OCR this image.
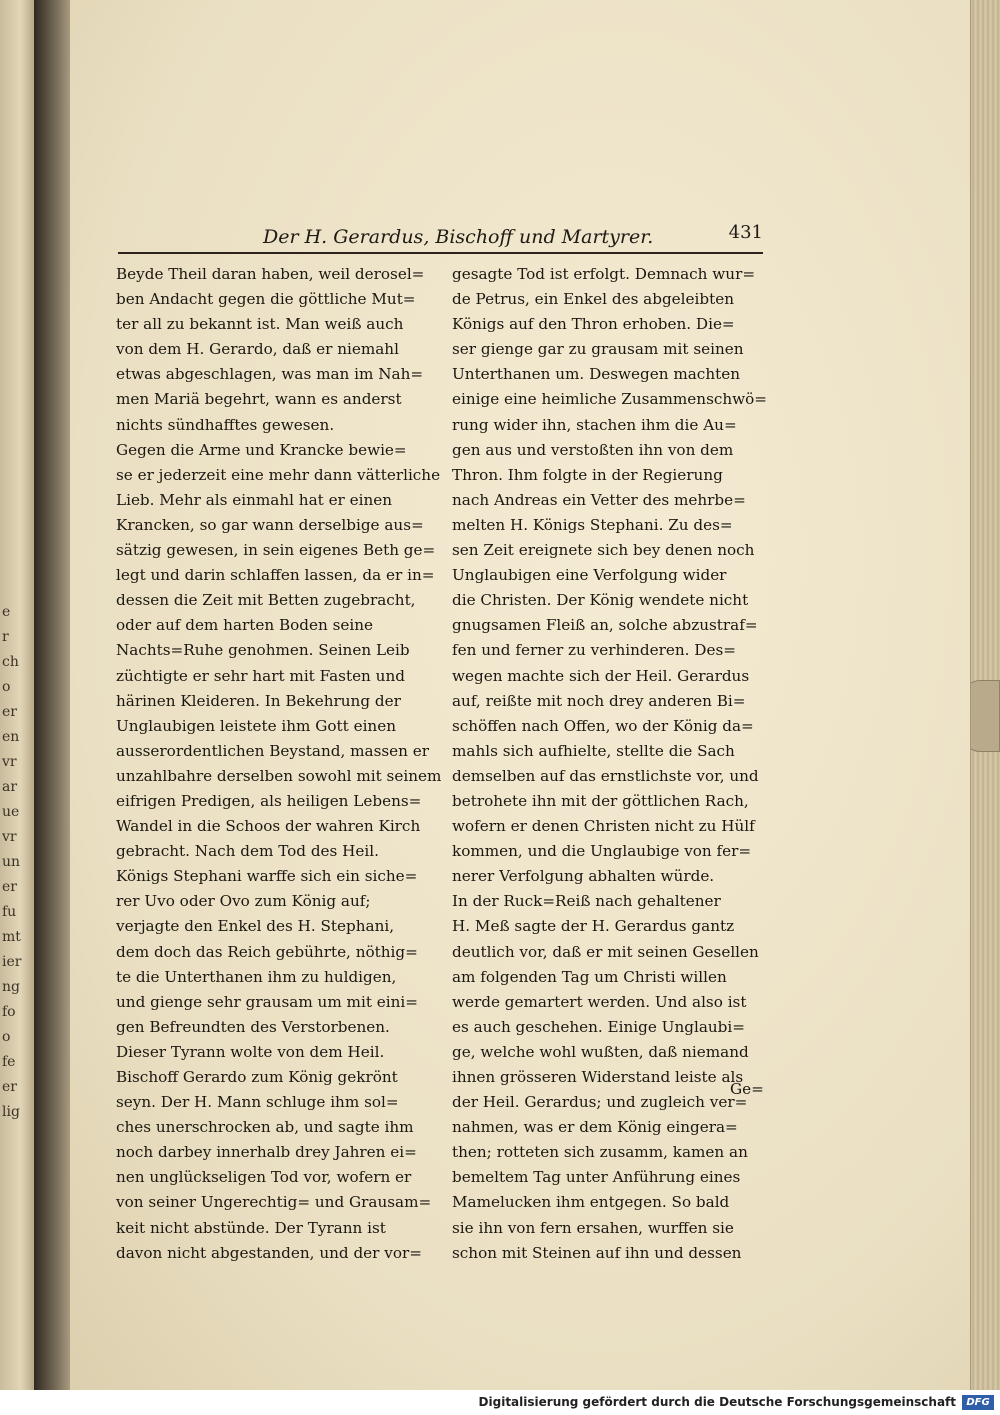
e
r
ch
o
er
en
vr
ar
ue
vr
un
er
fu
mt
ier
ng
fo
o
fe
er
lig
Der H. Gerardus, Bischoff und Martyrer.	431
Beyde Theil daran haben, weil derosel=
ben Andacht gegen die göttliche Mut=
ter all zu bekannt ist. Man weiß auch
von dem H. Gerardo, daß er niemahl
etwas abgeschlagen, was man im Nah=
men Mariä begehrt, wann es anderst
nichts sündhafftes gewesen.
Gegen die Arme und Krancke bewie=
se er jederzeit eine mehr dann vätterliche
Lieb. Mehr als einmahl hat er einen
Krancken, so gar wann derselbige aus=
sätzig gewesen, in sein eigenes Beth ge=
legt und darin schlaffen lassen, da er in=
dessen die Zeit mit Betten zugebracht,
oder auf dem harten Boden seine
Nachts=Ruhe genohmen. Seinen Leib
züchtigte er sehr hart mit Fasten und
härinen Kleideren. In Bekehrung der
Unglaubigen leistete ihm Gott einen
ausserordentlichen Beystand, massen er
unzahlbahre derselben sowohl mit seinem
eifrigen Predigen, als heiligen Lebens=
Wandel in die Schoos der wahren Kirch
gebracht. Nach dem Tod des Heil.
Königs Stephani warffe sich ein siche=
rer Uvo oder Ovo zum König auf;
verjagte den Enkel des H. Stephani,
dem doch das Reich gebührte, nöthig=
te die Unterthanen ihm zu huldigen,
und gienge sehr grausam um mit eini=
gen Befreundten des Verstorbenen.
Dieser Tyrann wolte von dem Heil.
Bischoff Gerardo zum König gekrönt
seyn. Der H. Mann schluge ihm sol=
ches unerschrocken ab, und sagte ihm
noch darbey innerhalb drey Jahren ei=
nen unglückseligen Tod vor, wofern er
von seiner Ungerechtig= und Grausam=
keit nicht abstünde. Der Tyrann ist
davon nicht abgestanden, und der vor=
gesagte Tod ist erfolgt. Demnach wur=
de Petrus, ein Enkel des abgeleibten
Königs auf den Thron erhoben. Die=
ser gienge gar zu grausam mit seinen
Unterthanen um. Deswegen machten
einige eine heimliche Zusammenschwö=
rung wider ihn, stachen ihm die Au=
gen aus und verstoßten ihn von dem
Thron. Ihm folgte in der Regierung
nach Andreas ein Vetter des mehrbe=
melten H. Königs Stephani. Zu des=
sen Zeit ereignete sich bey denen noch
Unglaubigen eine Verfolgung wider
die Christen. Der König wendete nicht
gnugsamen Fleiß an, solche abzustraf=
fen und ferner zu verhinderen. Des=
wegen machte sich der Heil. Gerardus
auf, reißte mit noch drey anderen Bi=
schöffen nach Offen, wo der König da=
mahls sich aufhielte, stellte die Sach
demselben auf das ernstlichste vor, und
betrohete ihn mit der göttlichen Rach,
wofern er denen Christen nicht zu Hülf
kommen, und die Unglaubige von fer=
nerer Verfolgung abhalten würde.
In der Ruck=Reiß nach gehaltener
H. Meß sagte der H. Gerardus gantz
deutlich vor, daß er mit seinen Gesellen
am folgenden Tag um Christi willen
werde gemartert werden. Und also ist
es auch geschehen. Einige Unglaubi=
ge, welche wohl wußten, daß niemand
ihnen grösseren Widerstand leiste als
der Heil. Gerardus; und zugleich ver=
nahmen, was er dem König eingera=
then; rotteten sich zusamm, kamen an
bemeltem Tag unter Anführung eines
Mamelucken ihm entgegen. So bald
sie ihn von fern ersahen, wurffen sie
schon mit Steinen auf ihn und dessen
Ge=
Digitalisierung gefördert durch die Deutsche Forschungsgemeinschaft	DFG
